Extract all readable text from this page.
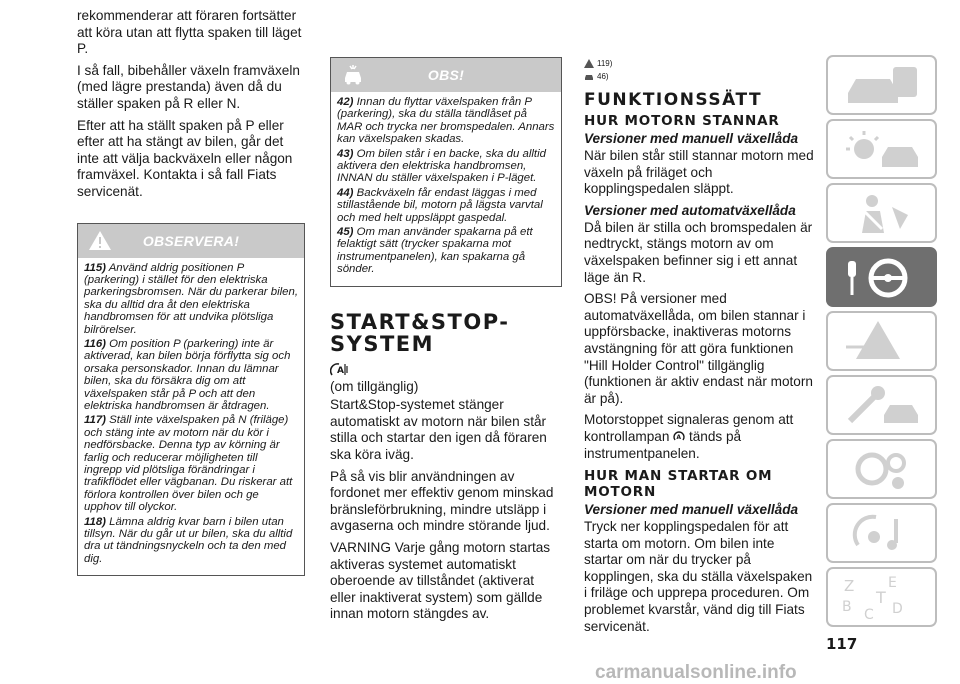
rekommenderar att föraren fortsätter att köra utan att flytta spaken till läget P.

I så fall, bibehåller växeln framväxeln (med lägre prestanda) även då du ställer spaken på R eller N.

Efter att ha ställt spaken på P eller efter att ha stängt av bilen, går det inte att välja backväxeln eller någon framväxel. Kontakta i så fall Fiats servicenät.

OBSERVERA!

115) Använd aldrig positionen P (parkering) i stället för den elektriska parkeringsbromsen. När du parkerar bilen, ska du alltid dra åt den elektriska handbromsen för att undvika plötsliga bilrörelser.

116) Om position P (parkering) inte är aktiverad, kan bilen börja förflytta sig och orsaka personskador. Innan du lämnar bilen, ska du försäkra dig om att växelspaken står på P och att den elektriska handbromsen är åtdragen.

117) Ställ inte växelspaken på N (friläge) och stäng inte av motorn när du kör i nedförsbacke. Denna typ av körning är farlig och reducerar möjligheten till ingrepp vid plötsliga förändringar i trafikflödet eller vägbanan. Du riskerar att förlora kontrollen över bilen och ge upphov till olyckor.

118) Lämna aldrig kvar barn i bilen utan tillsyn. När du går ut ur bilen, ska du alltid dra ut tändningsnyckeln och ta den med dig.

OBS!

42) Innan du flyttar växelspaken från P (parkering), ska du ställa tändlåset på MAR och trycka ner bromspedalen. Annars kan växelspaken skadas.

43) Om bilen står i en backe, ska du alltid aktivera den elektriska handbromsen, INNAN du ställer växelspaken i P-läget.

44) Backväxeln får endast läggas i med stillastående bil, motorn på lägsta varvtal och med helt uppsläppt gaspedal.

45) Om man använder spakarna på ett felaktigt sätt (trycker spakarna mot instrumentpanelen), kan spakarna gå sönder.

START&STOP-SYSTEM
A

(om tillgänglig)

Start&Stop-systemet stänger automatiskt av motorn när bilen står stilla och startar den igen då föraren ska köra iväg.

På så vis blir användningen av fordonet mer effektiv genom minskad bränsleförbrukning, mindre utsläpp i avgaserna och mindre störande ljud.

VARNING Varje gång motorn startas aktiveras systemet automatiskt oberoende av tillståndet (aktiverat eller inaktiverat system) som gällde innan motorn stängdes av.

119)
46)
FUNKTIONSSÄTT
HUR MOTORN STANNAR
Versioner med manuell växellåda

När bilen står still stannar motorn med växeln på friläget och kopplingspedalen släppt.

Versioner med automatväxellåda

Då bilen är stilla och bromspedalen är nedtryckt, stängs motorn av om växelspaken befinner sig i ett annat läge än R.

OBS! På versioner med automatväxellåda, om bilen stannar i uppförsbacke, inaktiveras motorns avstängning för att göra funktionen "Hill Holder Control" tillgänglig (funktionen är aktiv endast när motorn är på).

Motorstoppet signaleras genom att kontrollampan A tänds på instrumentpanelen.

HUR MAN STARTAR OM MOTORN
Versioner med manuell växellåda

Tryck ner kopplingspedalen för att starta om motorn. Om bilen inte startar om när du trycker på kopplingen, ska du ställa växelspaken i friläge och upprepa proceduren. Om problemet kvarstår, vänd dig till Fiats servicenät.

Z E
B C D
T
117
carmanualsonline.info
